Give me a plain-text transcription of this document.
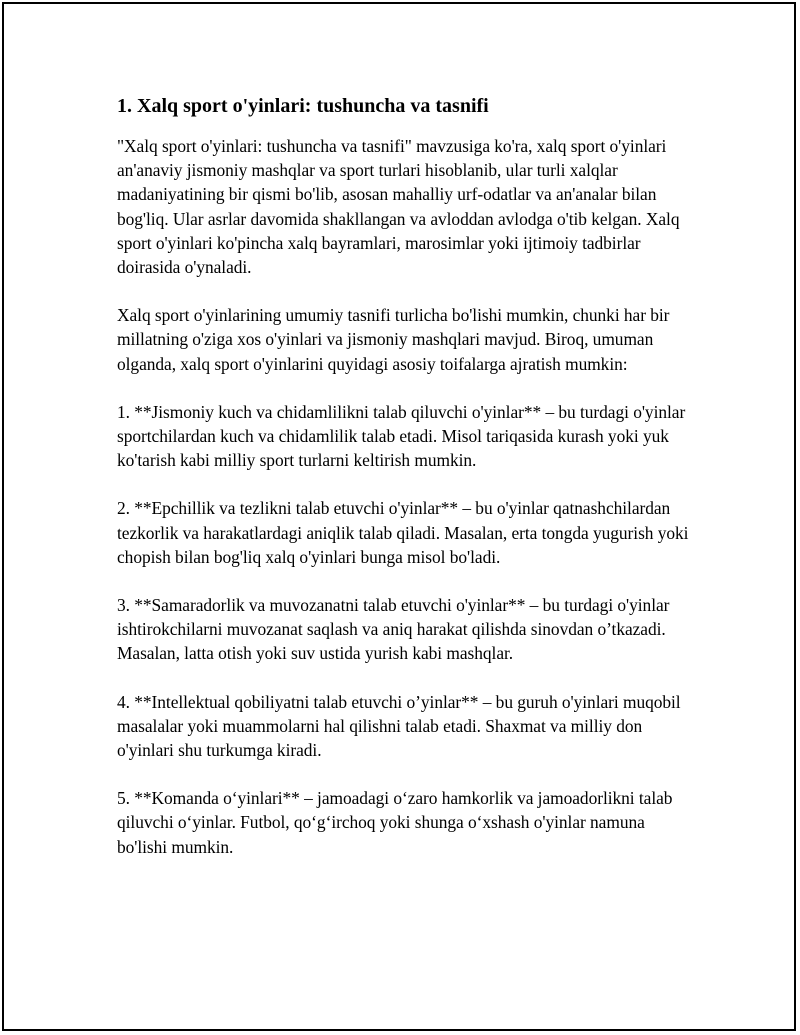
1. Xalq sport o'yinlari: tushuncha va tasnifi

"Xalq sport o'yinlari: tushuncha va tasnifi" mavzusiga ko'ra, xalq sport o'yinlari an'anaviy jismoniy mashqlar va sport turlari hisoblanib, ular turli xalqlar madaniyatining bir qismi bo'lib, asosan mahalliy urf-odatlar va an'analar bilan bog'liq. Ular asrlar davomida shakllangan va avloddan avlodga o'tib kelgan. Xalq sport o'yinlari ko'pincha xalq bayramlari, marosimlar yoki ijtimoiy tadbirlar doirasida o'ynaladi.

Xalq sport o'yinlarining umumiy tasnifi turlicha bo'lishi mumkin, chunki har bir millatning o'ziga xos o'yinlari va jismoniy mashqlari mavjud. Biroq, umuman olganda, xalq sport o'yinlarini quyidagi asosiy toifalarga ajratish mumkin:

1. **Jismoniy kuch va chidamlilikni talab qiluvchi o'yinlar** – bu turdagi o'yinlar sportchilardan kuch va chidamlilik talab etadi. Misol tariqasida kurash yoki yuk ko'tarish kabi milliy sport turlarni keltirish mumkin.

2. **Epchillik va tezlikni talab etuvchi o'yinlar** – bu o'yinlar qatnashchilardan tezkorlik va harakatlardagi aniqlik talab qiladi. Masalan, erta tongda yugurish yoki chopish bilan bog'liq xalq o'yinlari bunga misol bo'ladi.

3. **Samaradorlik va muvozanatni talab etuvchi o'yinlar** – bu turdagi o'yinlar ishtirokchilarni muvozanat saqlash va aniq harakat qilishda sinovdan o’tkazadi. Masalan, latta otish yoki suv ustida yurish kabi mashqlar.

4. **Intellektual qobiliyatni talab etuvchi o’yinlar** – bu guruh o'yinlari muqobil masalalar yoki muammolarni hal qilishni talab etadi. Shaxmat va milliy don o'yinlari shu turkumga kiradi.

5. **Komanda o‘yinlari** – jamoadagi o‘zaro hamkorlik va jamoadorlikni talab qiluvchi o‘yinlar. Futbol, qo‘g‘irchoq yoki shunga o‘xshash o'yinlar namuna bo'lishi mumkin.
